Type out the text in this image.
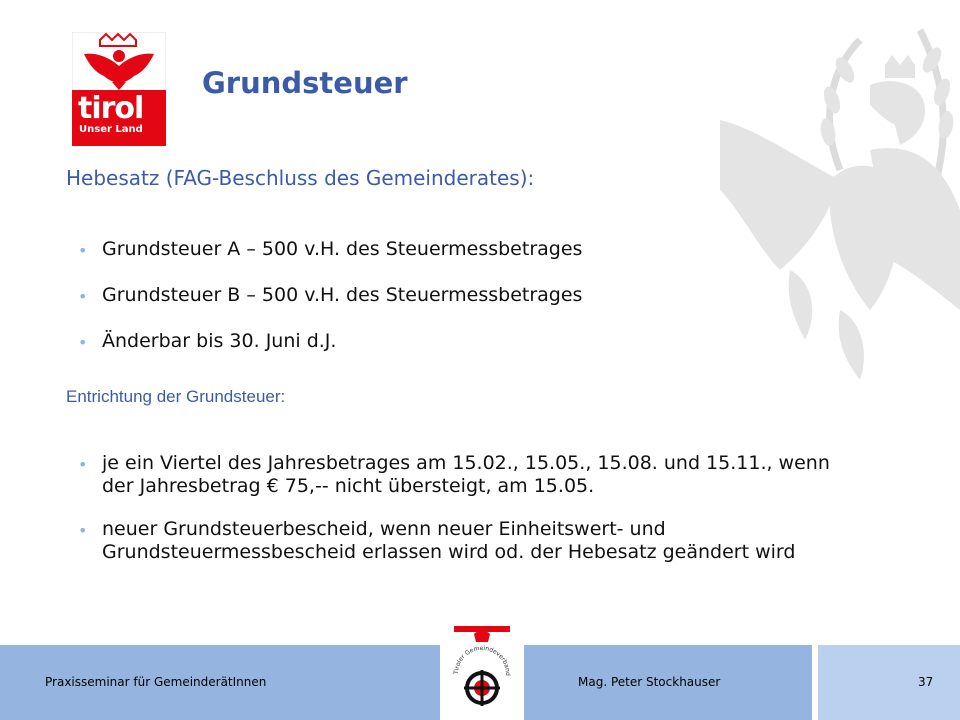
tirol
Unser Land
Grundsteuer

Hebesatz (FAG-Beschluss des Gemeinderates):

• Grundsteuer A – 500 v.H. des Steuermessbetrages
• Grundsteuer B – 500 v.H. des Steuermessbetrages
• Änderbar bis 30. Juni d.J.

Entrichtung der Grundsteuer:

• je ein Viertel des Jahresbetrages am 15.02., 15.05., 15.08. und 15.11., wenn der Jahresbetrag € 75,-- nicht übersteigt, am 15.05.
• neuer Grundsteuerbescheid, wenn neuer Einheitswert- und Grundsteuermessbescheid erlassen wird od. der Hebesatz geändert wird
Praxisseminar für GemeinderätInnen	Mag. Peter Stockhauser	37
Tiroler Gemeindeverband
